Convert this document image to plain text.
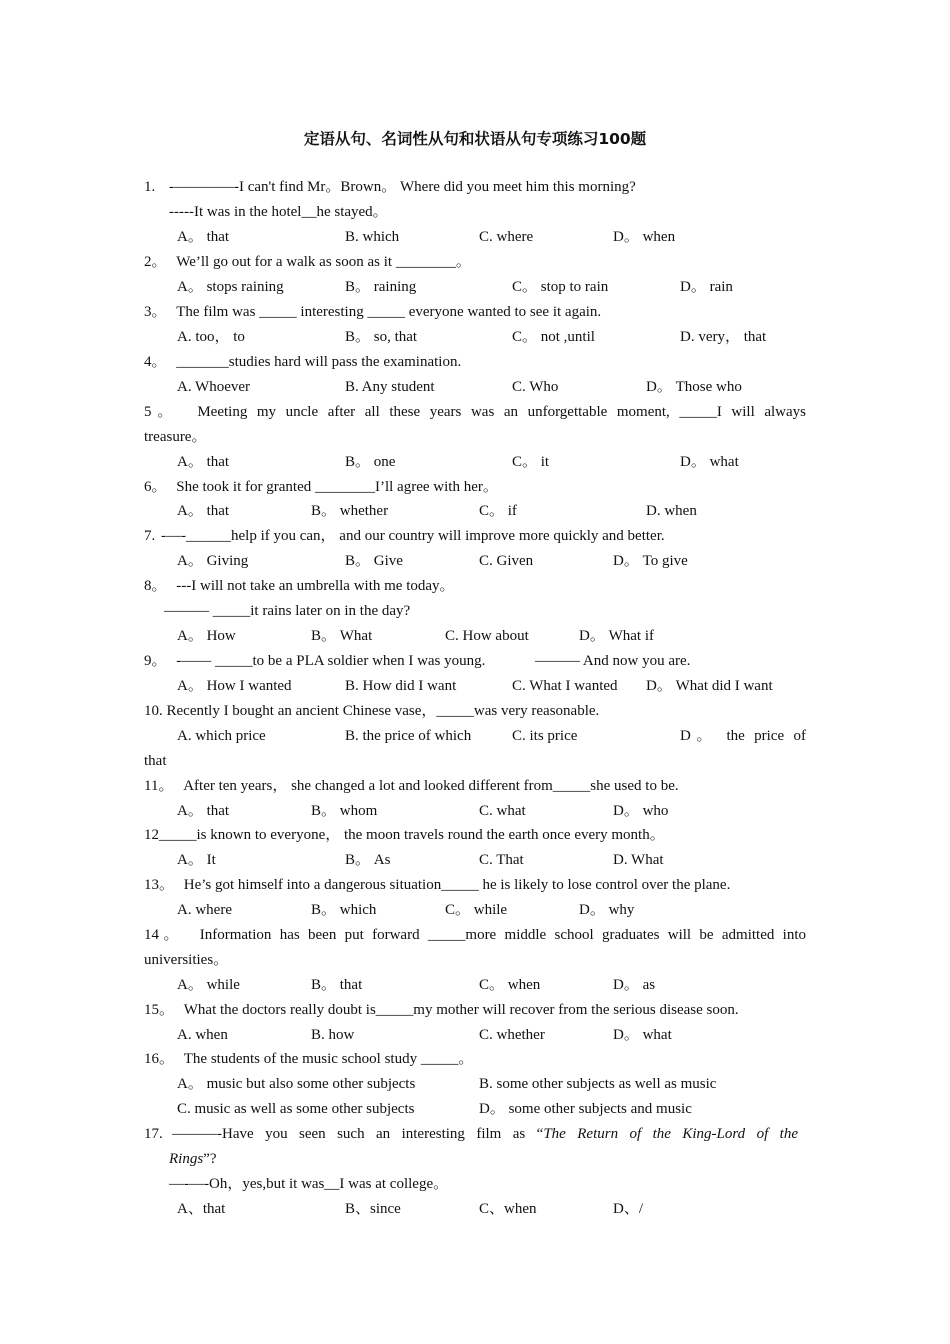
定语从句、名词性从句和状语从句专项练习100题
1. -————-I can't find Mr。Brown。 Where did you meet him this morning?
-----It was in the hotel__he stayed。
A。 that	B. which	C. where	D。 when
2。 We’ll go out for a walk as soon as it ________。
A。 stops raining	B。 raining	C。 stop to rain	D。 rain
3。 The film was _____ interesting _____ everyone wanted to see it again.
A. too， to	B。 so, that	C。 not ,until	D. very， that
4。 _______studies hard will pass the examination.
A. Whoever	B. Any student	C. Who	D。 Those who
5。 Meeting my uncle after all these years was an unforgettable moment, _____I will always
treasure。
A。 that	B。 one	C。 it	D。 what
6。 She took it for granted ________I’ll agree with her。
A。 that	B。 whether	C。 if	D. when
7. -—-______help if you can， and our country will improve more quickly and better.
A。 Giving	B。 Give	C. Given	D。 To give
8。 ---I will not take an umbrella with me today。
——— _____it rains later on in the day?
A。 How	B。 What	C. How about	D。 What if
9。 -—— _____to be a PLA soldier when I was young.	——— And now you are.
A。 How I wanted	B. How did I want	C. What I wanted D。 What did I want
10. Recently I bought an ancient Chinese vase，_____was very reasonable.
A. which price	B. the price of which	C. its price	D。 the price of
that
11。 After ten years， she changed a lot and looked different from_____she used to be.
A。 that	B。 whom	C. what	D。 who
12_____is known to everyone， the moon travels round the earth once every month。
A。 It	B。 As	C. That	D. What
13。 He’s got himself into a dangerous situation_____ he is likely to lose control over the plane.
A. where	B。 which	C。 while	D。 why
14。 Information has been put forward _____more middle school graduates will be admitted into
universities。
A。 while	B。 that	C。 when	D。 as
15。 What the doctors really doubt is_____my mother will recover from the serious disease soon.
A. when	B. how	C. whether	D。 what
16。 The students of the music school study _____。
A。 music but also some other subjects	B. some other subjects as well as music
C. music as well as some other subjects	D。 some other subjects and music
17. ———-Have you seen such an interesting film as “The Return of the King-Lord of the
Rings”?
—-—-Oh，yes,but it was__I was at college。
A、that	B、since	C、when	D、/
